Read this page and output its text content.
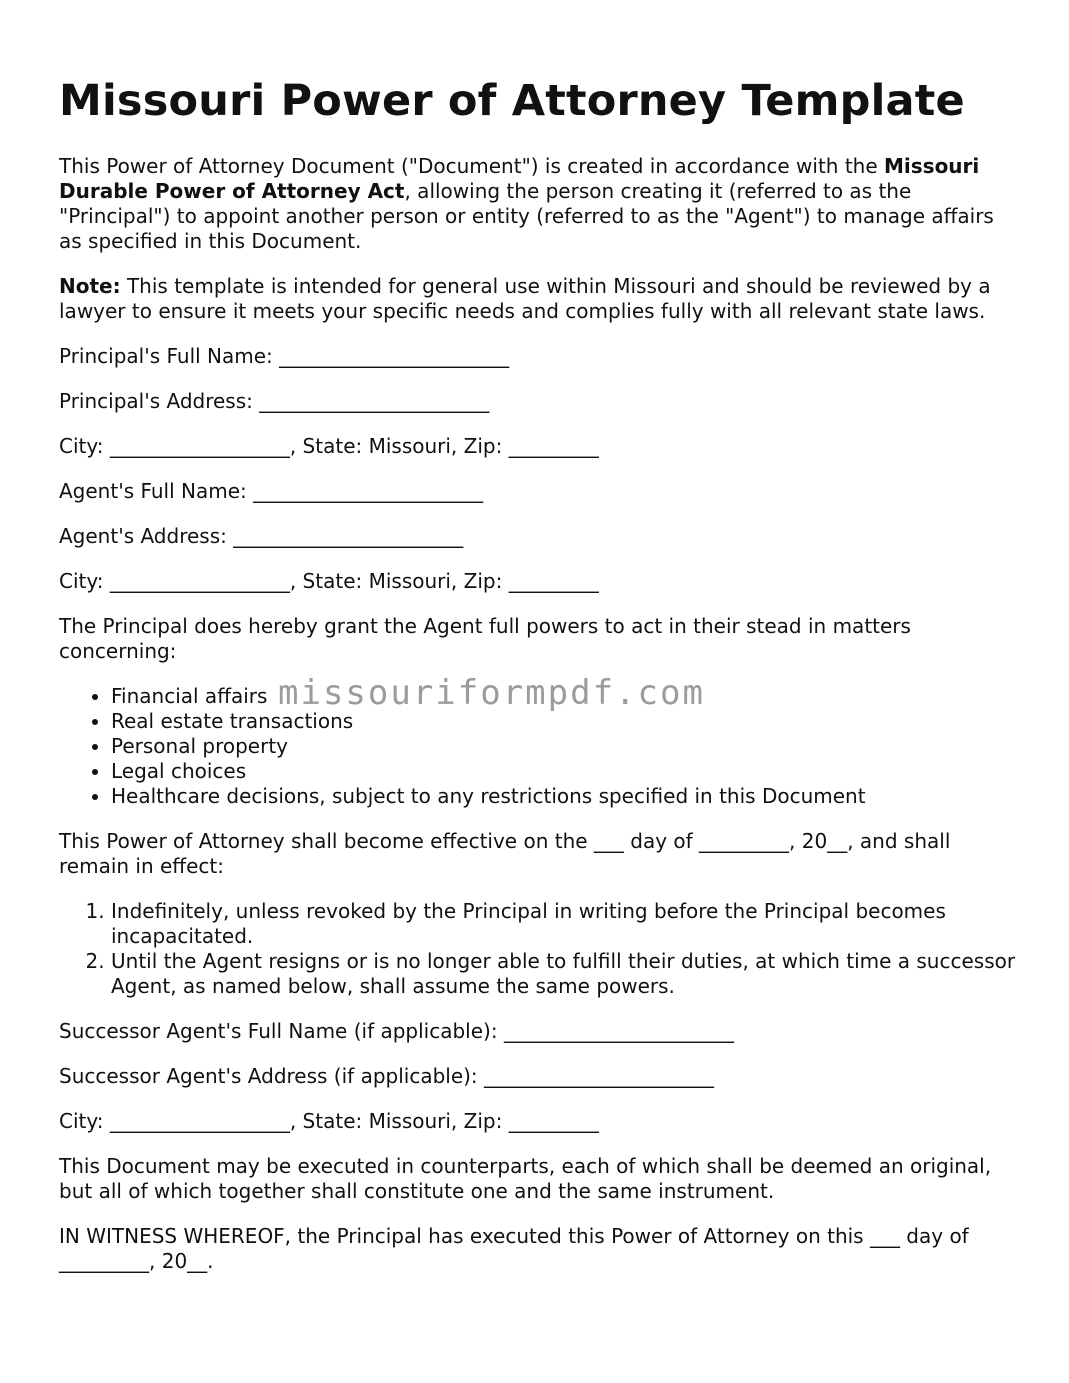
Missouri Power of Attorney Template

This Power of Attorney Document ("Document") is created in accordance with the Missouri Durable Power of Attorney Act, allowing the person creating it (referred to as the "Principal") to appoint another person or entity (referred to as the "Agent") to manage affairs as specified in this Document.

Note: This template is intended for general use within Missouri and should be reviewed by a lawyer to ensure it meets your specific needs and complies fully with all relevant state laws.

Principal's Full Name: _______________________

Principal's Address: _______________________

City: __________________, State: Missouri, Zip: _________

Agent's Full Name: _______________________

Agent's Address: _______________________

City: __________________, State: Missouri, Zip: _________

The Principal does hereby grant the Agent full powers to act in their stead in matters concerning:

• Financial affairs
• Real estate transactions
• Personal property
• Legal choices
• Healthcare decisions, subject to any restrictions specified in this Document

This Power of Attorney shall become effective on the ___ day of _________, 20__, and shall remain in effect:

1. Indefinitely, unless revoked by the Principal in writing before the Principal becomes incapacitated.
2. Until the Agent resigns or is no longer able to fulfill their duties, at which time a successor Agent, as named below, shall assume the same powers.

Successor Agent's Full Name (if applicable): _______________________

Successor Agent's Address (if applicable): _______________________

City: __________________, State: Missouri, Zip: _________

This Document may be executed in counterparts, each of which shall be deemed an original, but all of which together shall constitute one and the same instrument.

IN WITNESS WHEREOF, the Principal has executed this Power of Attorney on this ___ day of _________, 20__.

missouriformpdf.com
